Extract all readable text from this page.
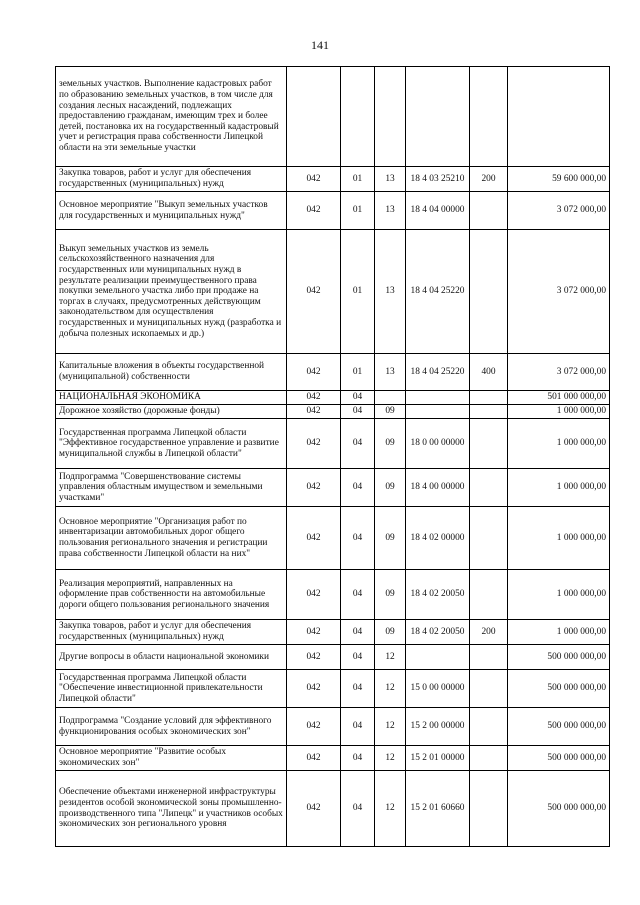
141
земельных участков. Выполнение кадастровых работ по образованию земельных участков, в том числе для создания лесных насаждений, подлежащих предоставлению гражданам, имеющим трех и более детей, постановка их на государственный кадастровый учет и регистрация права собственности Липецкой области на эти земельные участки						
Закупка товаров, работ и услуг для обеспечения государственных (муниципальных) нужд	042	01	13	18 4 03 25210	200	59 600 000,00
Основное мероприятие "Выкуп земельных участков для государственных и муниципальных нужд"	042	01	13	18 4 04 00000		3 072 000,00
Выкуп земельных участков из земель сельскохозяйственного назначения для государственных или муниципальных нужд в результате реализации преимущественного права покупки земельного участка либо при продаже на торгах в случаях, предусмотренных действующим законодательством для осуществления государственных и муниципальных нужд (разработка и добыча полезных ископаемых и др.)	042	01	13	18 4 04 25220		3 072 000,00
Капитальные вложения в объекты государственной (муниципальной) собственности	042	01	13	18 4 04 25220	400	3 072 000,00
НАЦИОНАЛЬНАЯ ЭКОНОМИКА	042	04				501 000 000,00
Дорожное хозяйство (дорожные фонды)	042	04	09			1 000 000,00
Государственная программа Липецкой области "Эффективное государственное управление и развитие муниципальной службы в Липецкой области"	042	04	09	18 0 00 00000		1 000 000,00
Подпрограмма "Совершенствование системы управления областным имуществом и земельными участками"	042	04	09	18 4 00 00000		1 000 000,00
Основное мероприятие "Организация работ по инвентаризации автомобильных дорог общего пользования регионального значения и регистрации права собственности Липецкой области на них"	042	04	09	18 4 02 00000		1 000 000,00
Реализация мероприятий, направленных на оформление прав собственности на автомобильные дороги общего пользования регионального значения	042	04	09	18 4 02 20050		1 000 000,00
Закупка товаров, работ и услуг для обеспечения государственных (муниципальных) нужд	042	04	09	18 4 02 20050	200	1 000 000,00
Другие вопросы в области национальной экономики	042	04	12			500 000 000,00
Государственная программа Липецкой области "Обеспечение инвестиционной привлекательности Липецкой области"	042	04	12	15 0 00 00000		500 000 000,00
Подпрограмма "Создание условий для эффективного функционирования особых экономических зон"	042	04	12	15 2 00 00000		500 000 000,00
Основное мероприятие "Развитие особых экономических зон"	042	04	12	15 2 01 00000		500 000 000,00
Обеспечение объектами инженерной инфраструктуры резидентов особой экономической зоны промышленно-производственного типа "Липецк" и участников особых экономических зон регионального уровня	042	04	12	15 2 01 60660		500 000 000,00
